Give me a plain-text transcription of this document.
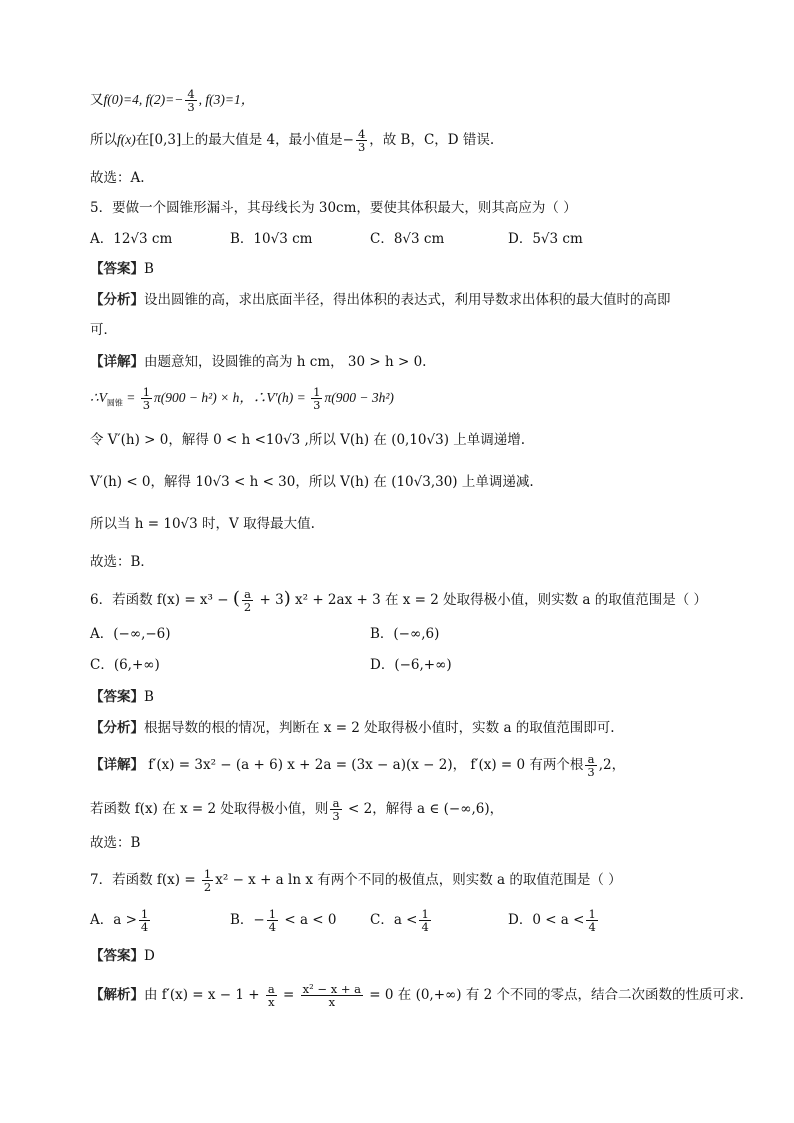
又f(0)=4, $f(2)=- \frac{4}{3}$ , f(3)=1，
所以f(x)在[0,3]上的最大值是 4，最小值是− $\frac{4}{3}$ ，故 B，C，D 错误.
故选：A.
5．要做一个圆锥形漏斗，其母线长为 30cm，要使其体积最大，则其高应为（ ）
A．12√3 cm	B．10√3 cm	C．8√3 cm	D．5√3 cm
【答案】B
【分析】设出圆锥的高，求出底面半径，得出体积的表达式，利用导数求出体积的最大值时的高即
可．
【详解】由题意知，设圆锥的高为 h cm， 30 > h > 0.
$\therefore V_{圆锥} = \frac{1}{3} \pi(900 - h^2) \times h$，∴V′(h) = $\frac{1}{3} \pi(900 - 3h^2)$
令 V′(h) > 0，解得 0 < h <10√3 ,所以 V(h) 在 (0,10√3) 上单调递增.
V′(h) < 0，解得 10√3 < h < 30，所以 V(h) 在 (10√3,30) 上单调递减.
所以当 h = 10√3 时，V 取得最大值.
故选：B．
6．若函数 f(x) = x³ − ( $\frac{a}{2} + 3$) x² + 2ax + 3 在 x = 2 处取得极小值，则实数 a 的取值范围是（ ）
A．(−∞,−6)	B．(−∞,6)
C．(6,+∞)	D．(−6,+∞)
【答案】B
【分析】根据导数的根的情况，判断在 x = 2 处取得极小值时，实数 a 的取值范围即可.
【详解】 f′(x) = 3x² − (a + 6) x + 2a = (3x − a)(x − 2)， f′(x) = 0 有两个根 $\frac{a}{3} ,2$，
若函数 f(x) 在 x = 2 处取得极小值，则 $\frac{a}{3} < 2$，解得 a ∈ (−∞,6)，
故选：B
7．若函数 $f(x) = \frac{1}{2} x^2 - x + a$ ln x 有两个不同的极值点，则实数 a 的取值范围是（ ）
A．$a > \frac{1}{4}$	B．− $\frac{1}{4} < a < 0$ C．$a < \frac{1}{4}$	D．$0 < a < \frac{1}{4}$
【答案】D
【解析】由 $f'(x) = x - 1 + \frac{a}{x} = \frac{\text{x² − x + a}}{x} = 0$ 在 (0,+∞) 有 2 个不同的零点，结合二次函数的性质可求.
